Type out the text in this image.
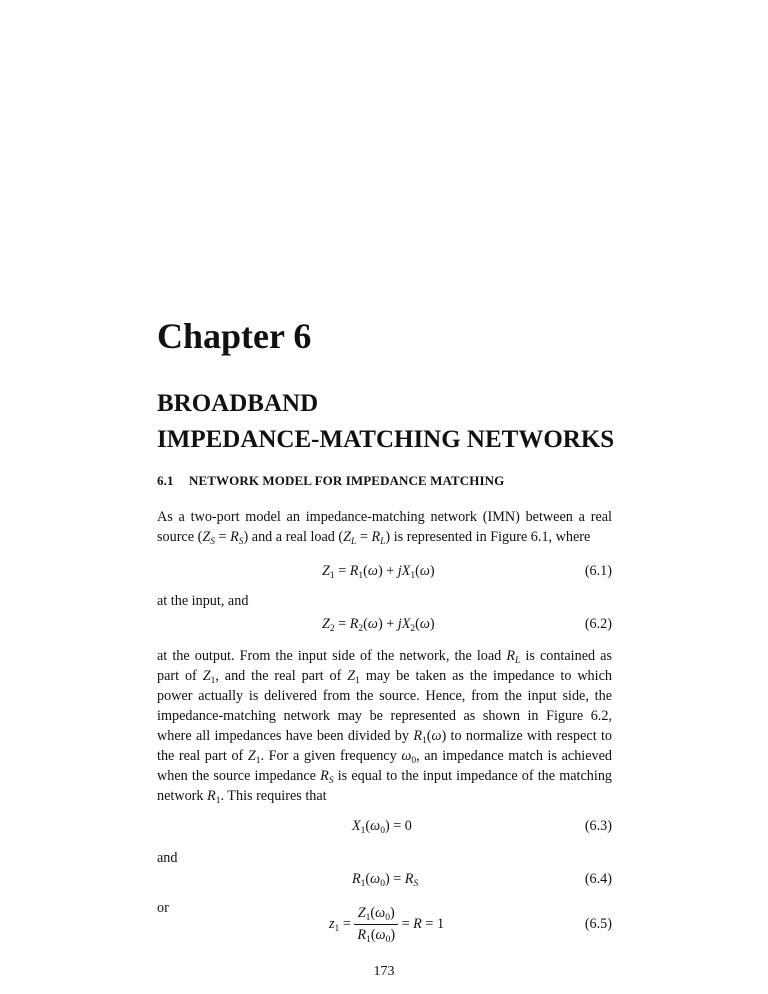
Chapter 6
BROADBAND
IMPEDANCE-MATCHING NETWORKS
6.1 NETWORK MODEL FOR IMPEDANCE MATCHING

As a two-port model an impedance-matching network (IMN) between a real source $(Z_S = R_S)$ and a real load $(Z_L = R_L)$ is represented in Figure 6.1, where

$Z_1 = R_1(\omega) + jX_1(\omega)$	(6.1)

at the input, and

$Z_2 = R_2(\omega) + jX_2(\omega)$	(6.2)

at the output. From the input side of the network, the load $R_L$ is contained as part of $Z_1$, and the real part of $Z_1$ may be taken as the impedance to which power actually is delivered from the source. Hence, from the input side, the impedance-matching network may be represented as shown in Figure 6.2, where all impedances have been divided by $R_1(\omega)$ to normalize with respect to the real part of $Z_1$. For a given frequency $\omega_0$, an impedance match is achieved when the source impedance $R_S$ is equal to the input impedance of the matching network $R_1$. This requires that

$X_1(\omega_0) = 0$	(6.3)

and

$R_1(\omega_0) = R_S$	(6.4)

or

$z_1 = \frac{Z_1(\omega_0)}{R_1(\omega_0)} = R = 1$	(6.5)
173
